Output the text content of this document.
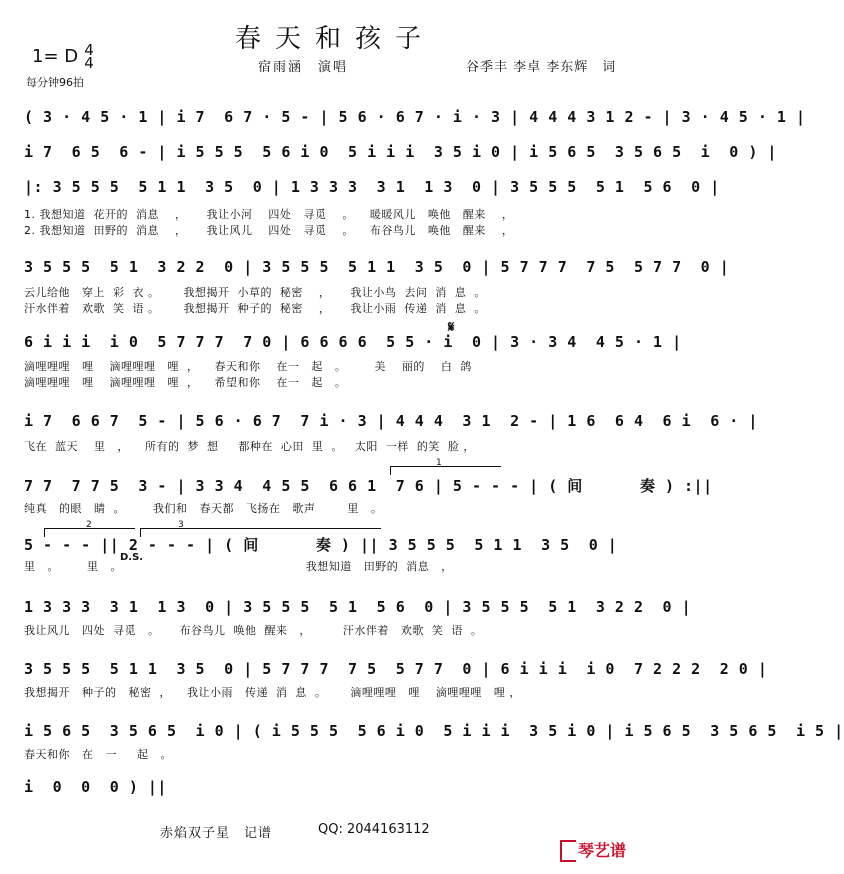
春天和孩子
1= D 4
4
每分钟96拍
宿雨涵　演唱	谷季丰 李卓 李东辉　词
( 3 · 4 5 · 1 | i 7  6 7 · 5 - | 5 6 · 6 7 · i · 3 | 4 4 4 3 1 2 - | 3 · 4 5 · 1 |
i 7  6 5  6 - | i 5 5 5  5 6 i 0  5 i i i  3 5 i 0 | i 5 6 5  3 5 6 5  i  0 ) |
|: 3 5 5 5  5 1 1  3 5  0 | 1 3 3 3  3 1  1 3  0 | 3 5 5 5  5 1  5 6  0 |
1. 我想知道  花开的  消息    ，     我让小河    四处   寻觅    。    暖暖风儿   唤他   醒来    ，
2. 我想知道  田野的  消息    ，     我让风儿    四处   寻觅    。    布谷鸟儿   唤他   醒来    ，
3 5 5 5  5 1  3 2 2  0 | 3 5 5 5  5 1 1  3 5  0 | 5 7 7 7  7 5  5 7 7  0 |
云儿给他   穿上  彩  衣 。      我想揭开  小草的  秘密    ，     我让小鸟  去问  消  息  。
汗水伴着   欢歌  笑  语 。      我想揭开  种子的  秘密    ，     我让小雨  传递  消  息  。
𝄋
6 i i i  i 0  5 7 7 7  7 0 | 6 6 6 6  5 5 · i  0 | 3 · 3 4  4 5 · 1 |
滴哩哩哩   哩    滴哩哩哩   哩  ，    春天和你    在一   起   。       美    丽的    白  鸽
滴哩哩哩   哩    滴哩哩哩   哩  ，    希望和你    在一   起   。
i 7  6 6 7  5 - | 5 6 · 6 7  7 i · 3 | 4 4 4  3 1  2 - | 1 6  6 4  6 i  6 · |
飞在  蓝天    里   ，    所有的  梦  想     都种在  心田  里  。   太阳  一样  的笑  脸 ，
1
7 7  7 7 5  3 - | 3 3 4  4 5 5  6 6 1  7 6 | 5 - - - | ( 间      奏 ) :||
纯真   的眼   睛  。       我们和   春天都   飞扬在   歌声        里   。
2	3
5 - - - || 2 - - - | ( 间      奏 ) || 3 5 5 5  5 1 1  3 5  0 |
D.S.
里   。       里   。                                              我想知道   田野的  消息   ，
1 3 3 3  3 1  1 3  0 | 3 5 5 5  5 1  5 6  0 | 3 5 5 5  5 1  3 2 2  0 |
我让风儿   四处  寻觅   。     布谷鸟儿  唤他  醒来   ，        汗水伴着   欢歌  笑  语  。
3 5 5 5  5 1 1  3 5  0 | 5 7 7 7  7 5  5 7 7  0 | 6 i i i  i 0  7 2 2 2  2 0 |
我想揭开   种子的   秘密  ，    我让小雨   传递  消  息  。      滴哩哩哩   哩    滴哩哩哩   哩 ，
i 5 6 5  3 5 6 5  i 0 | ( i 5 5 5  5 6 i 0  5 i i i  3 5 i 0 | i 5 6 5  3 5 6 5  i 5 |
春天和你   在   一     起   。
i  0  0  0 ) ||
赤焰双子星　记谱	QQ: 2044163112
琴艺谱
